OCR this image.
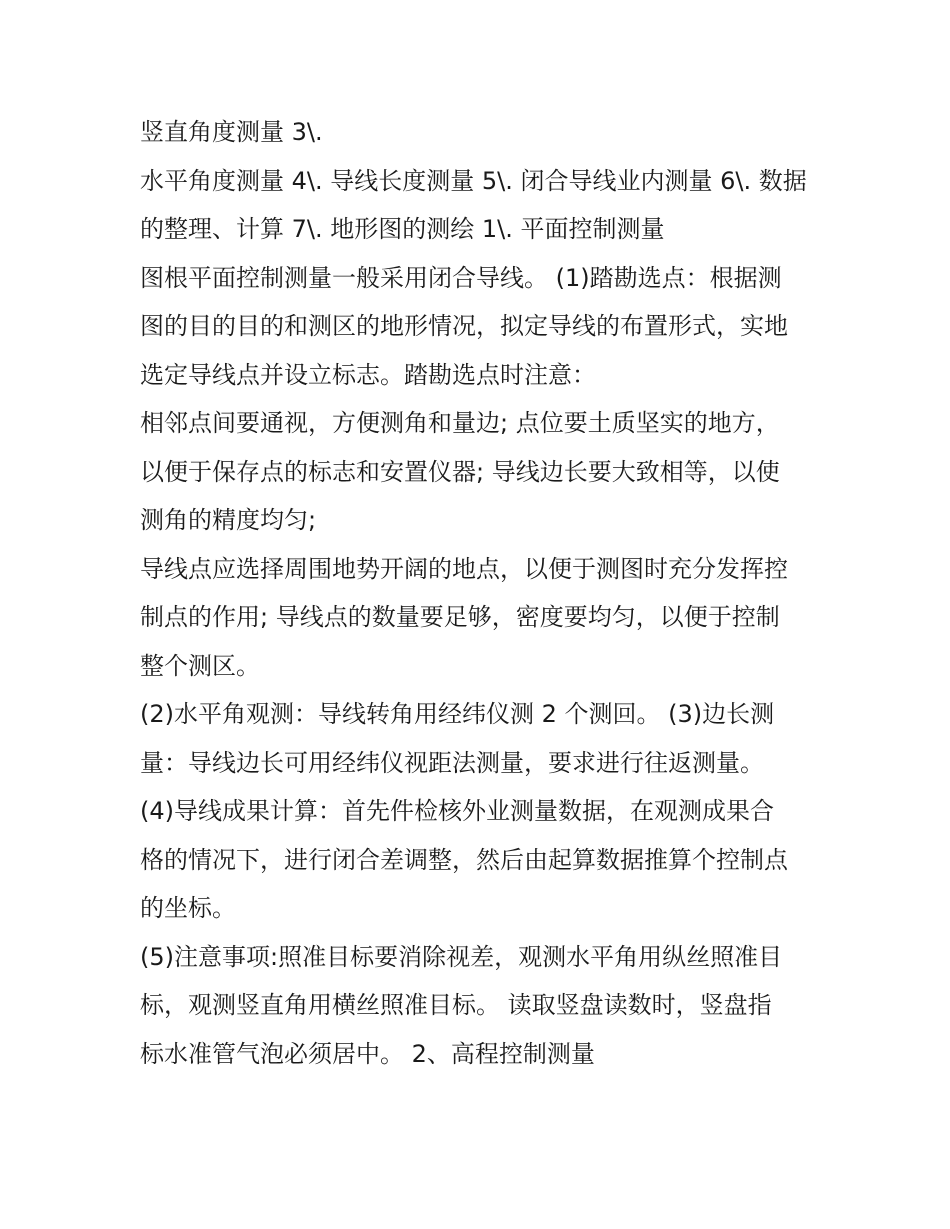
竖直角度测量 3\.

水平角度测量 4\. 导线长度测量 5\. 闭合导线业内测量 6\. 数据
的整理、计算 7\. 地形图的测绘 1\. 平面控制测量

图根平面控制测量一般采用闭合导线。 (1)踏勘选点：根据测
图的目的目的和测区的地形情况，拟定导线的布置形式，实地
选定导线点并设立标志。踏勘选点时注意：

相邻点间要通视，方便测角和量边; 点位要土质坚实的地方，
以便于保存点的标志和安置仪器; 导线边长要大致相等，以使
测角的精度均匀;

导线点应选择周围地势开阔的地点，以便于测图时充分发挥控
制点的作用; 导线点的数量要足够，密度要均匀，以便于控制
整个测区。

(2)水平角观测：导线转角用经纬仪测 2 个测回。 (3)边长测
量：导线边长可用经纬仪视距法测量，要求进行往返测量。

(4)导线成果计算：首先件检核外业测量数据，在观测成果合
格的情况下，进行闭合差调整，然后由起算数据推算个控制点
的坐标。

(5)注意事项:照准目标要消除视差，观测水平角用纵丝照准目
标，观测竖直角用横丝照准目标。 读取竖盘读数时，竖盘指
标水准管气泡必须居中。 2、高程控制测量
